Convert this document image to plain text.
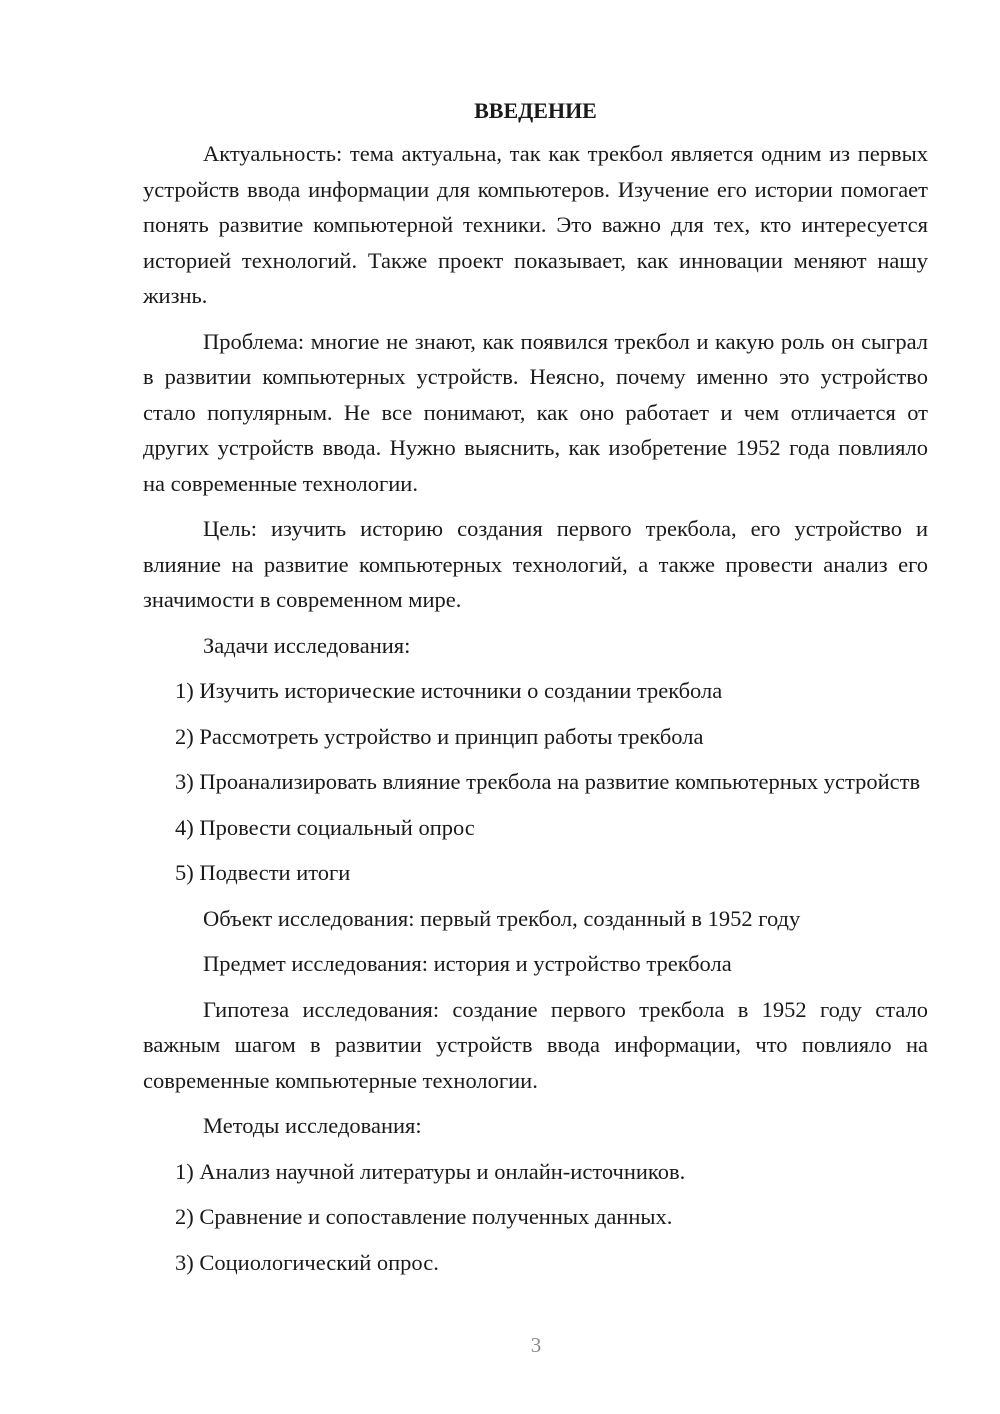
ВВЕДЕНИЕ
Актуальность: тема актуальна, так как трекбол является одним из первых устройств ввода информации для компьютеров. Изучение его истории помогает понять развитие компьютерной техники. Это важно для тех, кто интересуется историей технологий. Также проект показывает, как инновации меняют нашу жизнь.
Проблема: многие не знают, как появился трекбол и какую роль он сыграл в развитии компьютерных устройств. Неясно, почему именно это устройство стало популярным. Не все понимают, как оно работает и чем отличается от других устройств ввода. Нужно выяснить, как изобретение 1952 года повлияло на современные технологии.
Цель: изучить историю создания первого трекбола, его устройство и влияние на развитие компьютерных технологий, а также провести анализ его значимости в современном мире.
Задачи исследования:
1) Изучить исторические источники о создании трекбола
2) Рассмотреть устройство и принцип работы трекбола
3) Проанализировать влияние трекбола на развитие компьютерных устройств
4) Провести социальный опрос
5) Подвести итоги
Объект исследования: первый трекбол, созданный в 1952 году
Предмет исследования: история и устройство трекбола
Гипотеза исследования: создание первого трекбола в 1952 году стало важным шагом в развитии устройств ввода информации, что повлияло на современные компьютерные технологии.
Методы исследования:
1) Анализ научной литературы и онлайн-источников.
2) Сравнение и сопоставление полученных данных.
3) Социологический опрос.
3
